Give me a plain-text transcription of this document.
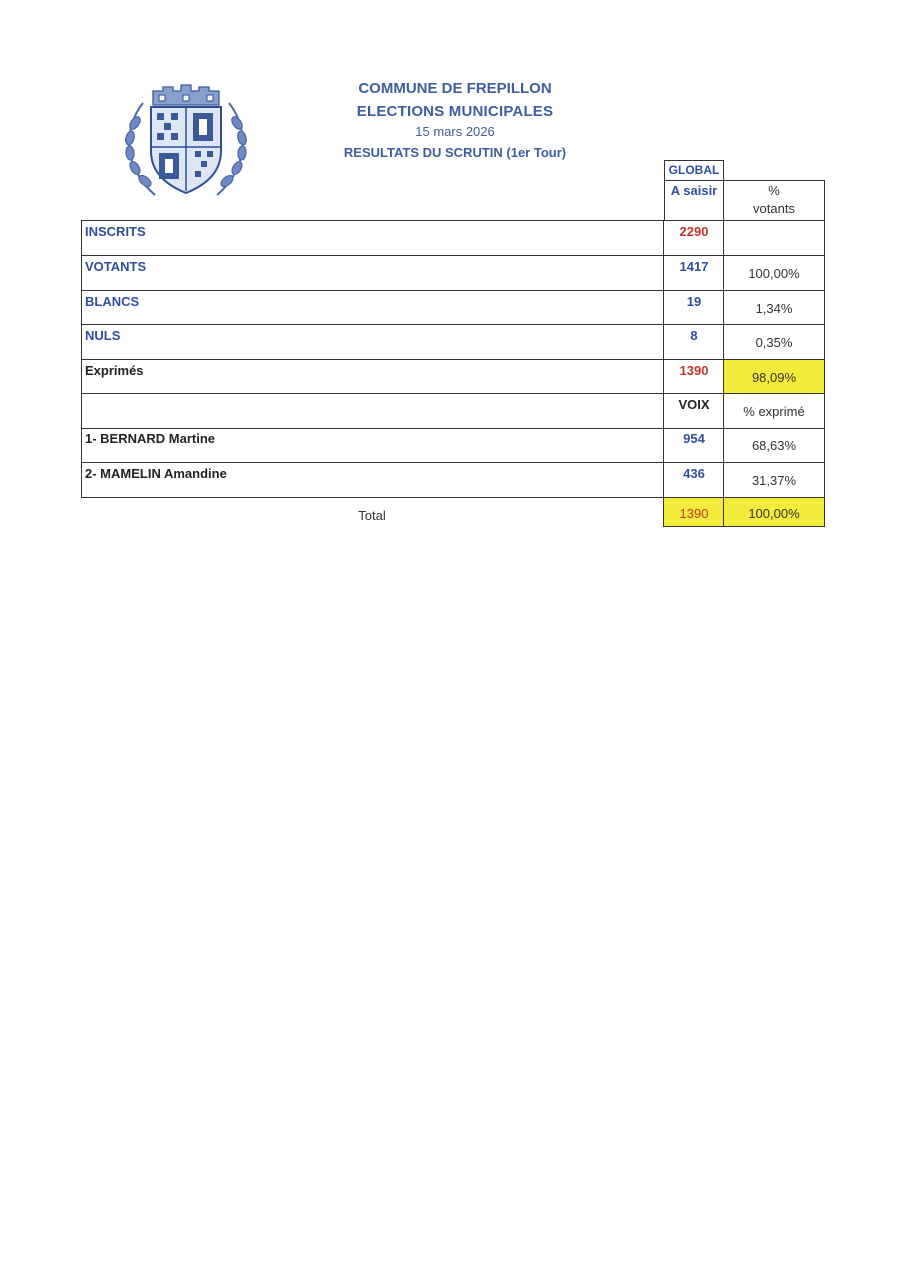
COMMUNE DE FREPILLON
ELECTIONS MUNICIPALES
15 mars 2026
RESULTATS DU SCRUTIN (1er Tour)
GLOBAL
A saisir	%
votants
INSCRITS
VOTANTS
BLANCS
NULS
Exprimés
1- BERNARD Martine
2- MAMELIN Amandine
2290
1417
19
8
1390
VOIX
954
436
1390
100,00%
1,34%
0,35%
98,09%
% exprimé
68,63%
31,37%
100,00%
Total
